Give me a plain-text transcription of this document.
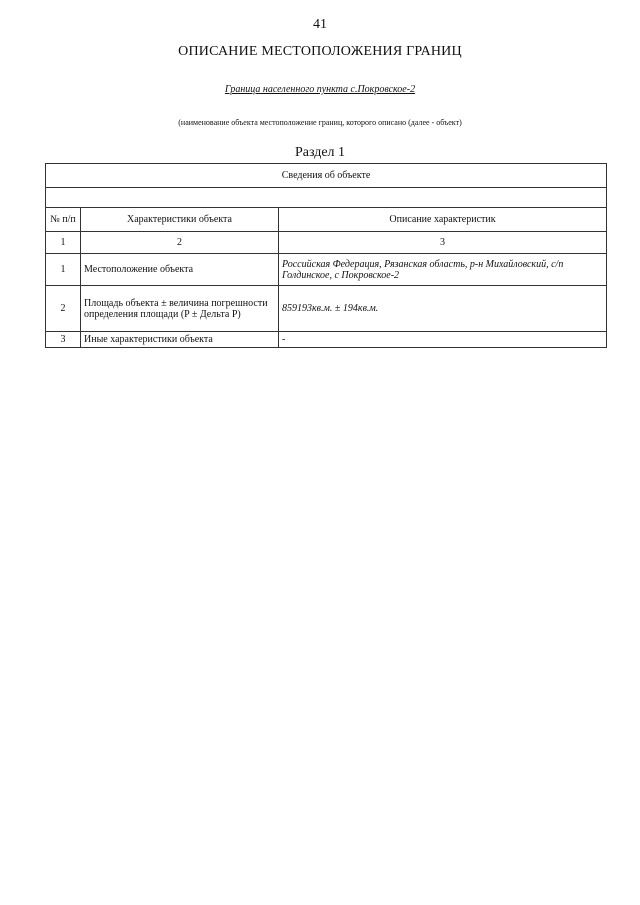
41
ОПИСАНИЕ МЕСТОПОЛОЖЕНИЯ ГРАНИЦ
Граница населенного пункта с.Покровское-2
(наименование объекта местоположение границ, которого описано (далее - объект)
Раздел 1
Сведения об объекте		

№ п/п	Характеристики объекта	Описание характеристик
1	2	3
1	Местоположение объекта	Российская Федерация, Рязанская область, р-н Михайловский, с/п Голдинское, с Покровское-2
2	Площадь объекта ± величина погрешности определения площади (P ± Дельта P)	859193кв.м. ± 194кв.м.
3	Иные характеристики объекта	-
